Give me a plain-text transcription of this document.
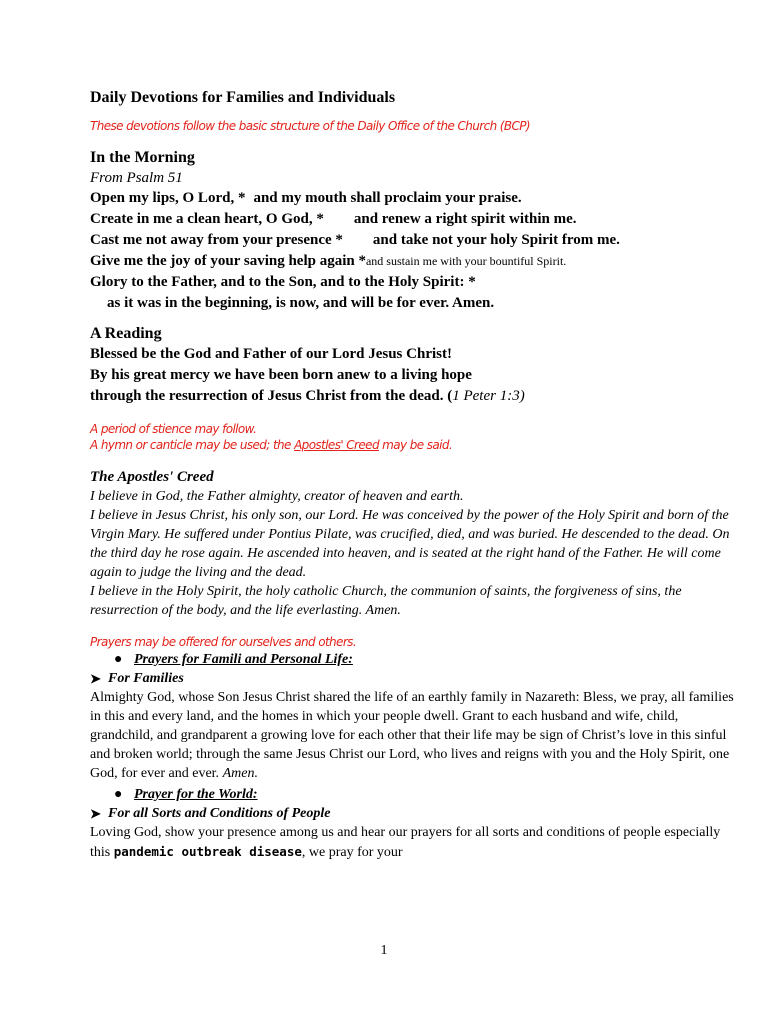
Daily Devotions for Families and Individuals
These devotions follow the basic structure of the Daily Office of the Church (BCP)
In the Morning
From Psalm 51
Open my lips, O Lord, * and my mouth shall proclaim your praise.
Create in me a clean heart, O God, * and renew a right spirit within me.
Cast me not away from your presence * and take not your holy Spirit from me.
Give me the joy of your saving help again *and sustain me with your bountiful Spirit.
Glory to the Father, and to the Son, and to the Holy Spirit: *
as it was in the beginning, is now, and will be for ever. Amen.
A Reading
Blessed be the God and Father of our Lord Jesus Christ!
By his great mercy we have been born anew to a living hope
through the resurrection of Jesus Christ from the dead. (1 Peter 1:3)
A period of stience may follow.
A hymn or canticle may be used; the Apostles' Creed may be said.
The Apostles' Creed

I believe in God, the Father almighty, creator of heaven and earth.

I believe in Jesus Christ, his only son, our Lord. He was conceived by the power of the Holy Spirit and born of the Virgin Mary. He suffered under Pontius Pilate, was crucified, died, and was buried. He descended to the dead. On the third day he rose again. He ascended into heaven, and is seated at the right hand of the Father. He will come again to judge the living and the dead.

I believe in the Holy Spirit, the holy catholic Church, the communion of saints, the forgiveness of sins, the resurrection of the body, and the life everlasting. Amen.

Prayers may be offered for ourselves and others.
● Prayers for Famili and Personal Life:
➤ For Families

Almighty God, whose Son Jesus Christ shared the life of an earthly family in Nazareth: Bless, we pray, all families in this and every land, and the homes in which your people dwell. Grant to each husband and wife, child, grandchild, and grandparent a growing love for each other that their life may be sign of Christ’s love in this sinful and broken world; through the same Jesus Christ our Lord, who lives and reigns with you and the Holy Spirit, one God, for ever and ever. Amen.

● Prayer for the World:
➤ For all Sorts and Conditions of People

Loving God, show your presence among us and hear our prayers for all sorts and conditions of people especially this pandemic outbreak disease, we pray for your

1
